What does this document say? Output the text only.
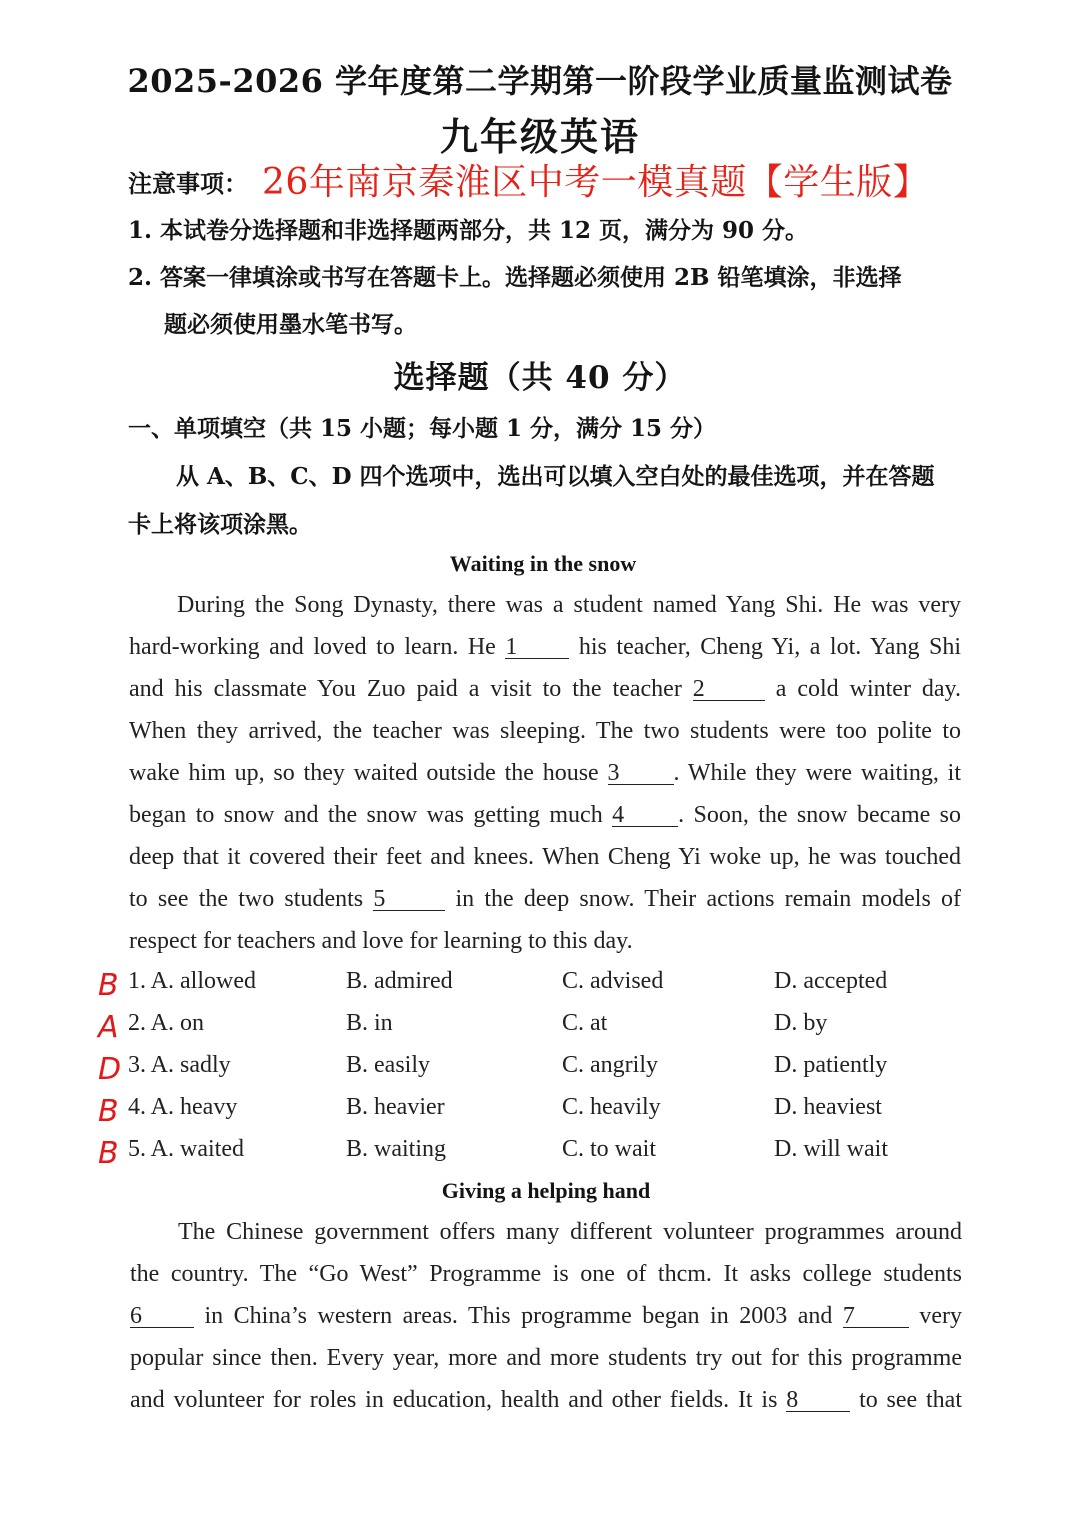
2025-2026 学年度第二学期第一阶段学业质量监测试卷
九年级英语
注意事项： 26年南京秦淮区中考一模真题【学生版】
1. 本试卷分选择题和非选择题两部分，共 12 页，满分为 90 分。
2. 答案一律填涂或书写在答题卡上。选择题必须使用 2B 铅笔填涂，非选择
题必须使用墨水笔书写。
选择题（共 40 分）
一、单项填空（共 15 小题；每小题 1 分，满分 15 分）
从 A、B、C、D 四个选项中，选出可以填入空白处的最佳选项，并在答题
卡上将该项涂黑。
Waiting in the snow
During the Song Dynasty, there was a student named Yang Shi. He was very
hard-working and loved to learn. He 1 his teacher, Cheng Yi, a lot. Yang Shi
and his classmate You Zuo paid a visit to the teacher 2	a cold winter day.
When they arrived, the teacher was sleeping. The two students were too polite to
wake him up, so they waited outside the house 3 . While they were waiting, it
began to snow and the snow was getting much 4 . Soon, the snow became so
deep that it covered their feet and knees. When Cheng Yi woke up, he was touched
to see the two students 5	in the deep snow. Their actions remain models of
respect for teachers and love for learning to this day.
B 1. A. allowed	B. admired	C. advised	D. accepted
A 2. A. on	B. in	C. at	D. by
D 3. A. sadly	B. easily	C. angrily	D. patiently
B 4. A. heavy	B. heavier	C. heavily	D. heaviest
B 5. A. waited	B. waiting	C. to wait	D. will wait
Giving a helping hand
The Chinese government offers many different volunteer programmes around
the country. The “Go West” Programme is one of thcm. It asks college students
6 in China’s western areas. This programme began in 2003 and 7 very
popular since then. Every year, more and more students try out for this programme
and volunteer for roles in education, health and other fields. It is 8 to see that
